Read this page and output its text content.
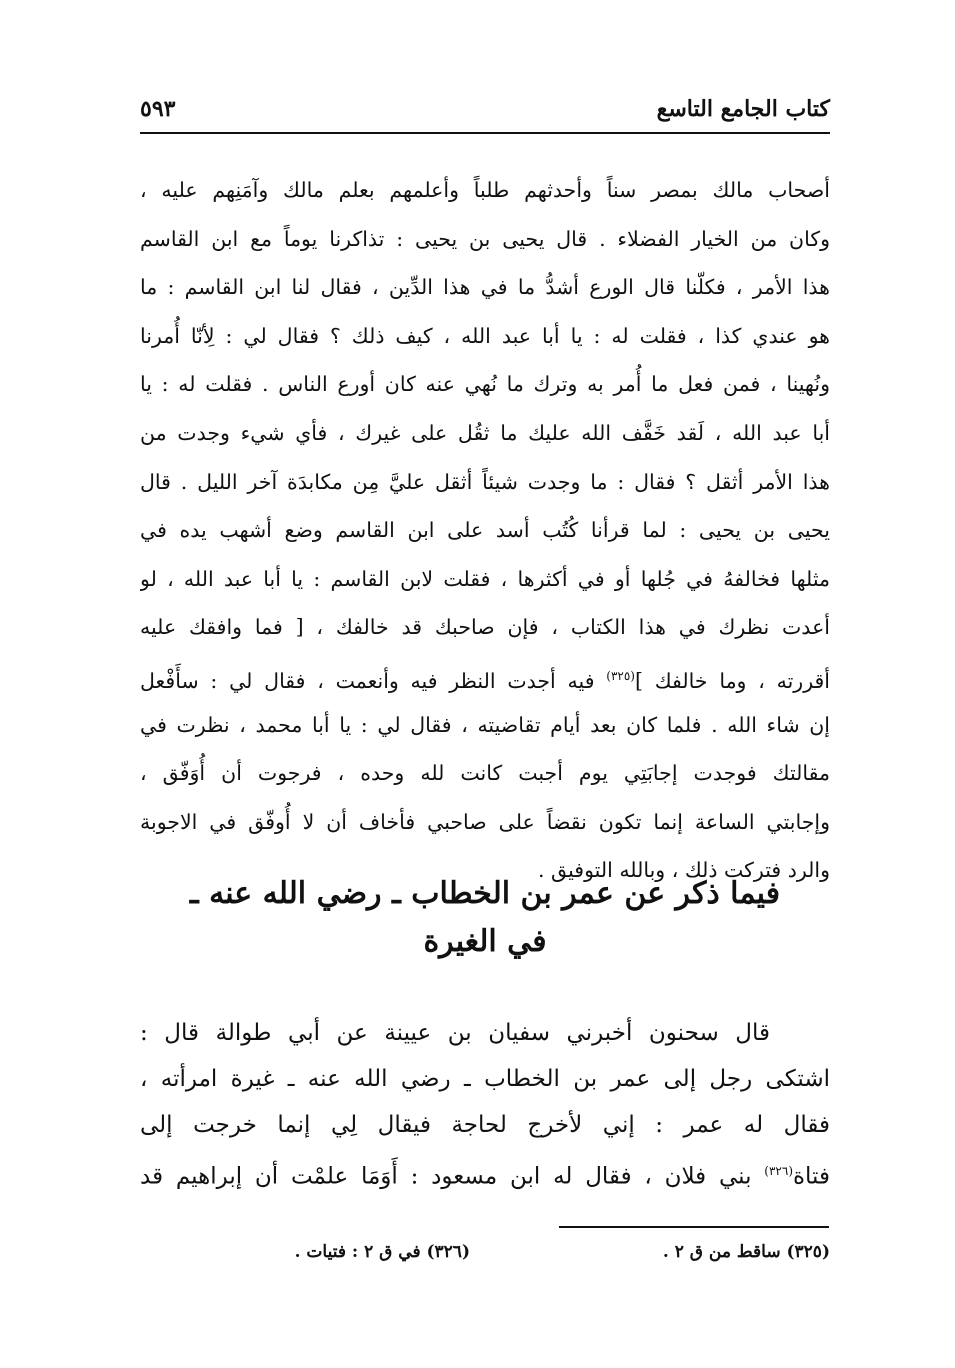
كتاب الجامع التاسع
٥٩٣
أصحاب مالك بمصر سناً وأحدثهم طلباً وأعلمهم بعلم مالك وآمَنِهم عليه ،
وكان من الخيار الفضلاء . قال يحيى بن يحيى : تذاكرنا يوماً مع ابن القاسم
هذا الأمر ، فكلّنا قال الورع أشدُّ ما في هذا الدِّين ، فقال لنا ابن القاسم : ما
هو عندي كذا ، فقلت له : يا أبا عبد الله ، كيف ذلك ؟ فقال لي : لِأنّا أُمرنا
ونُهينا ، فمن فعل ما أُمر به وترك ما نُهي عنه كان أورع الناس . فقلت له : يا
أبا عبد الله ، لَقد خَفَّف الله عليك ما ثقُل على غيرك ، فأي شيء وجدت من
هذا الأمر أثقل ؟ فقال : ما وجدت شيئاً أثقل عليَّ مِن مكابدَة آخر الليل . قال
يحيى بن يحيى : لما قرأنا كُتُب أسد على ابن القاسم وضع أشهب يده في
مثلها فخالفهُ في جُلها أو في أكثرها ، فقلت لابن القاسم : يا أبا عبد الله ، لو
أعدت نظرك في هذا الكتاب ، فإن صاحبك قد خالفك ، [ فما وافقك عليه
أقررته ، وما خالفك ]$^{(٣٢٥)}$ فيه أجدت النظر فيه وأنعمت ، فقال لي : سأَفْعل
إن شاء الله . فلما كان بعد أيام تقاضيته ، فقال لي : يا أبا محمد ، نظرت في
مقالتك فوجدت إجابَتِي يوم أجبت كانت لله وحده ، فرجوت أن أُوَفّق ،
وإجابتي الساعة إنما تكون نقضاً على صاحبي فأخاف أن لا أُوفّق في الاجوبة
والرد فتركت ذلك ، وبالله التوفيق .
فيما ذكر عن عمر بن الخطاب ـ رضي الله عنه ـ
في الغيرة
قال سحنون أخبرني سفيان بن عيينة عن أبي طوالة قال :
اشتكى رجل إلى عمر بن الخطاب ـ رضي الله عنه ـ غيرة امرأته ،
فقال له عمر : إني لأخرج لحاجة فيقال لِي إنما خرجت إلى
فتاة$^{(٣٢٦)}$ بني فلان ، فقال له ابن مسعود : أَوَمَا علمْت أن إبراهيم قد
(٣٢٥) ساقط من ق ٢ .
(٣٢٦) في ق ٢ : فتيات .
